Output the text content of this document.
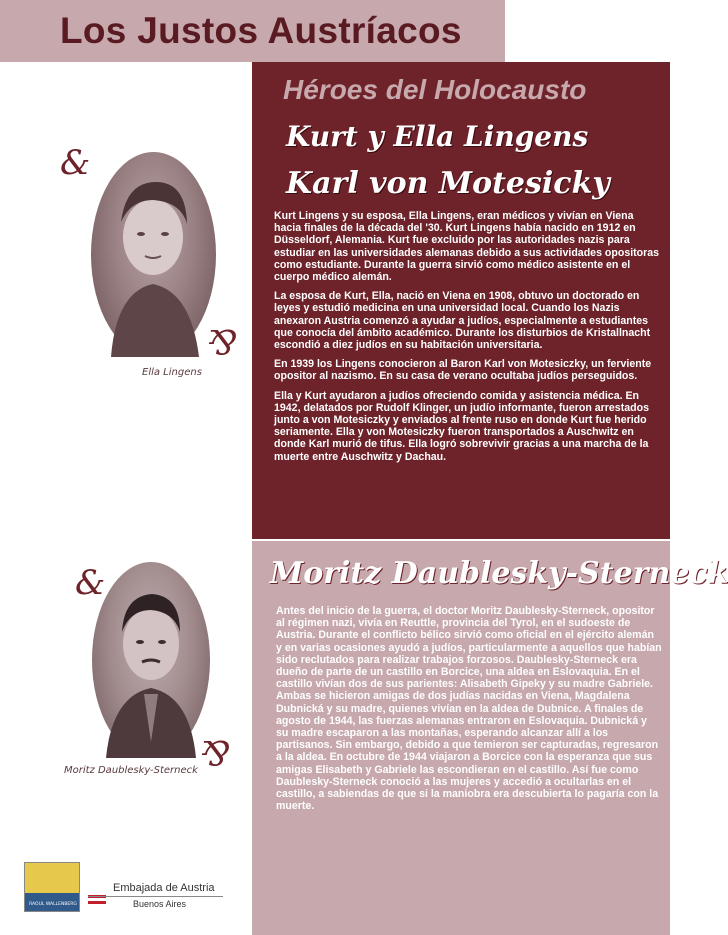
Los Justos Austríacos
Héroes del Holocausto
Kurt y Ella Lingens
Karl von Motesicky

Kurt Lingens y su esposa, Ella Lingens, eran médicos y vivían en Viena hacia finales de la década del '30. Kurt Lingens había nacido en 1912 en Düsseldorf, Alemania. Kurt fue excluido por las autoridades nazis para estudiar en las universidades alemanas debido a sus actividades opositoras como estudiante. Durante la guerra sirvió como médico asistente en el cuerpo médico alemán.

La esposa de Kurt, Ella, nació en Viena en 1908, obtuvo un doctorado en leyes y estudió medicina en una universidad local. Cuando los Nazis anexaron Austria comenzó a ayudar a judíos, especialmente a estudiantes que conocía del ámbito académico. Durante los disturbios de Kristallnacht escondió a diez judíos en su habitación universitaria.

En 1939 los Lingens conocieron al Baron Karl von Motesiczky, un ferviente opositor al nazismo. En su casa de verano ocultaba judíos perseguidos.

Ella y Kurt ayudaron a judíos ofreciendo comida y asistencia médica. En 1942, delatados por Rudolf Klinger, un judío informante, fueron arrestados junto a von Motesiczky y enviados al frente ruso en donde Kurt fue herido seriamente. Ella y von Motesiczky fueron transportados a Auschwitz en donde Karl murió de tifus. Ella logró sobrevivir gracias a una marcha de la muerte entre Auschwitz y Dachau.

Moritz Daublesky-Sterneck
Antes del inicio de la guerra, el doctor Moritz Daublesky-Sterneck, opositor al régimen nazi, vivía en Reuttle, provincia del Tyrol, en el sudoeste de Austria. Durante el conflicto bélico sirvió como oficial en el ejército alemán y en varias ocasiones ayudó a judíos, particularmente a aquellos que habían sido reclutados para realizar trabajos forzosos. Daublesky-Sterneck era dueño de parte de un castillo en Borcice, una aldea en Eslovaquia. En el castillo vivían dos de sus parientes: Alisabeth Gipeky y su madre Gabriele. Ambas se hicieron amigas de dos judías nacidas en Viena, Magdalena Dubnická y su madre, quienes vivían en la aldea de Dubnice. A finales de agosto de 1944, las fuerzas alemanas entraron en Eslovaquia. Dubnická y su madre escaparon a las montañas, esperando alcanzar allí a los partisanos. Sin embargo, debido a que temieron ser capturadas, regresaron a la aldea. En octubre de 1944 viajaron a Borcice con la esperanza que sus amigas Elisabeth y Gabriele las escondieran en el castillo. Así fue como Daublesky-Sterneck conoció a las mujeres y accedió a ocultarlas en el castillo, a sabiendas de que si la maniobra era descubierta lo pagaría con la muerte.
&
&
&
&
Ella Lingens
Moritz Daublesky-Sterneck
RAOUL WALLENBERG
Embajada de Austria
Buenos Aires
